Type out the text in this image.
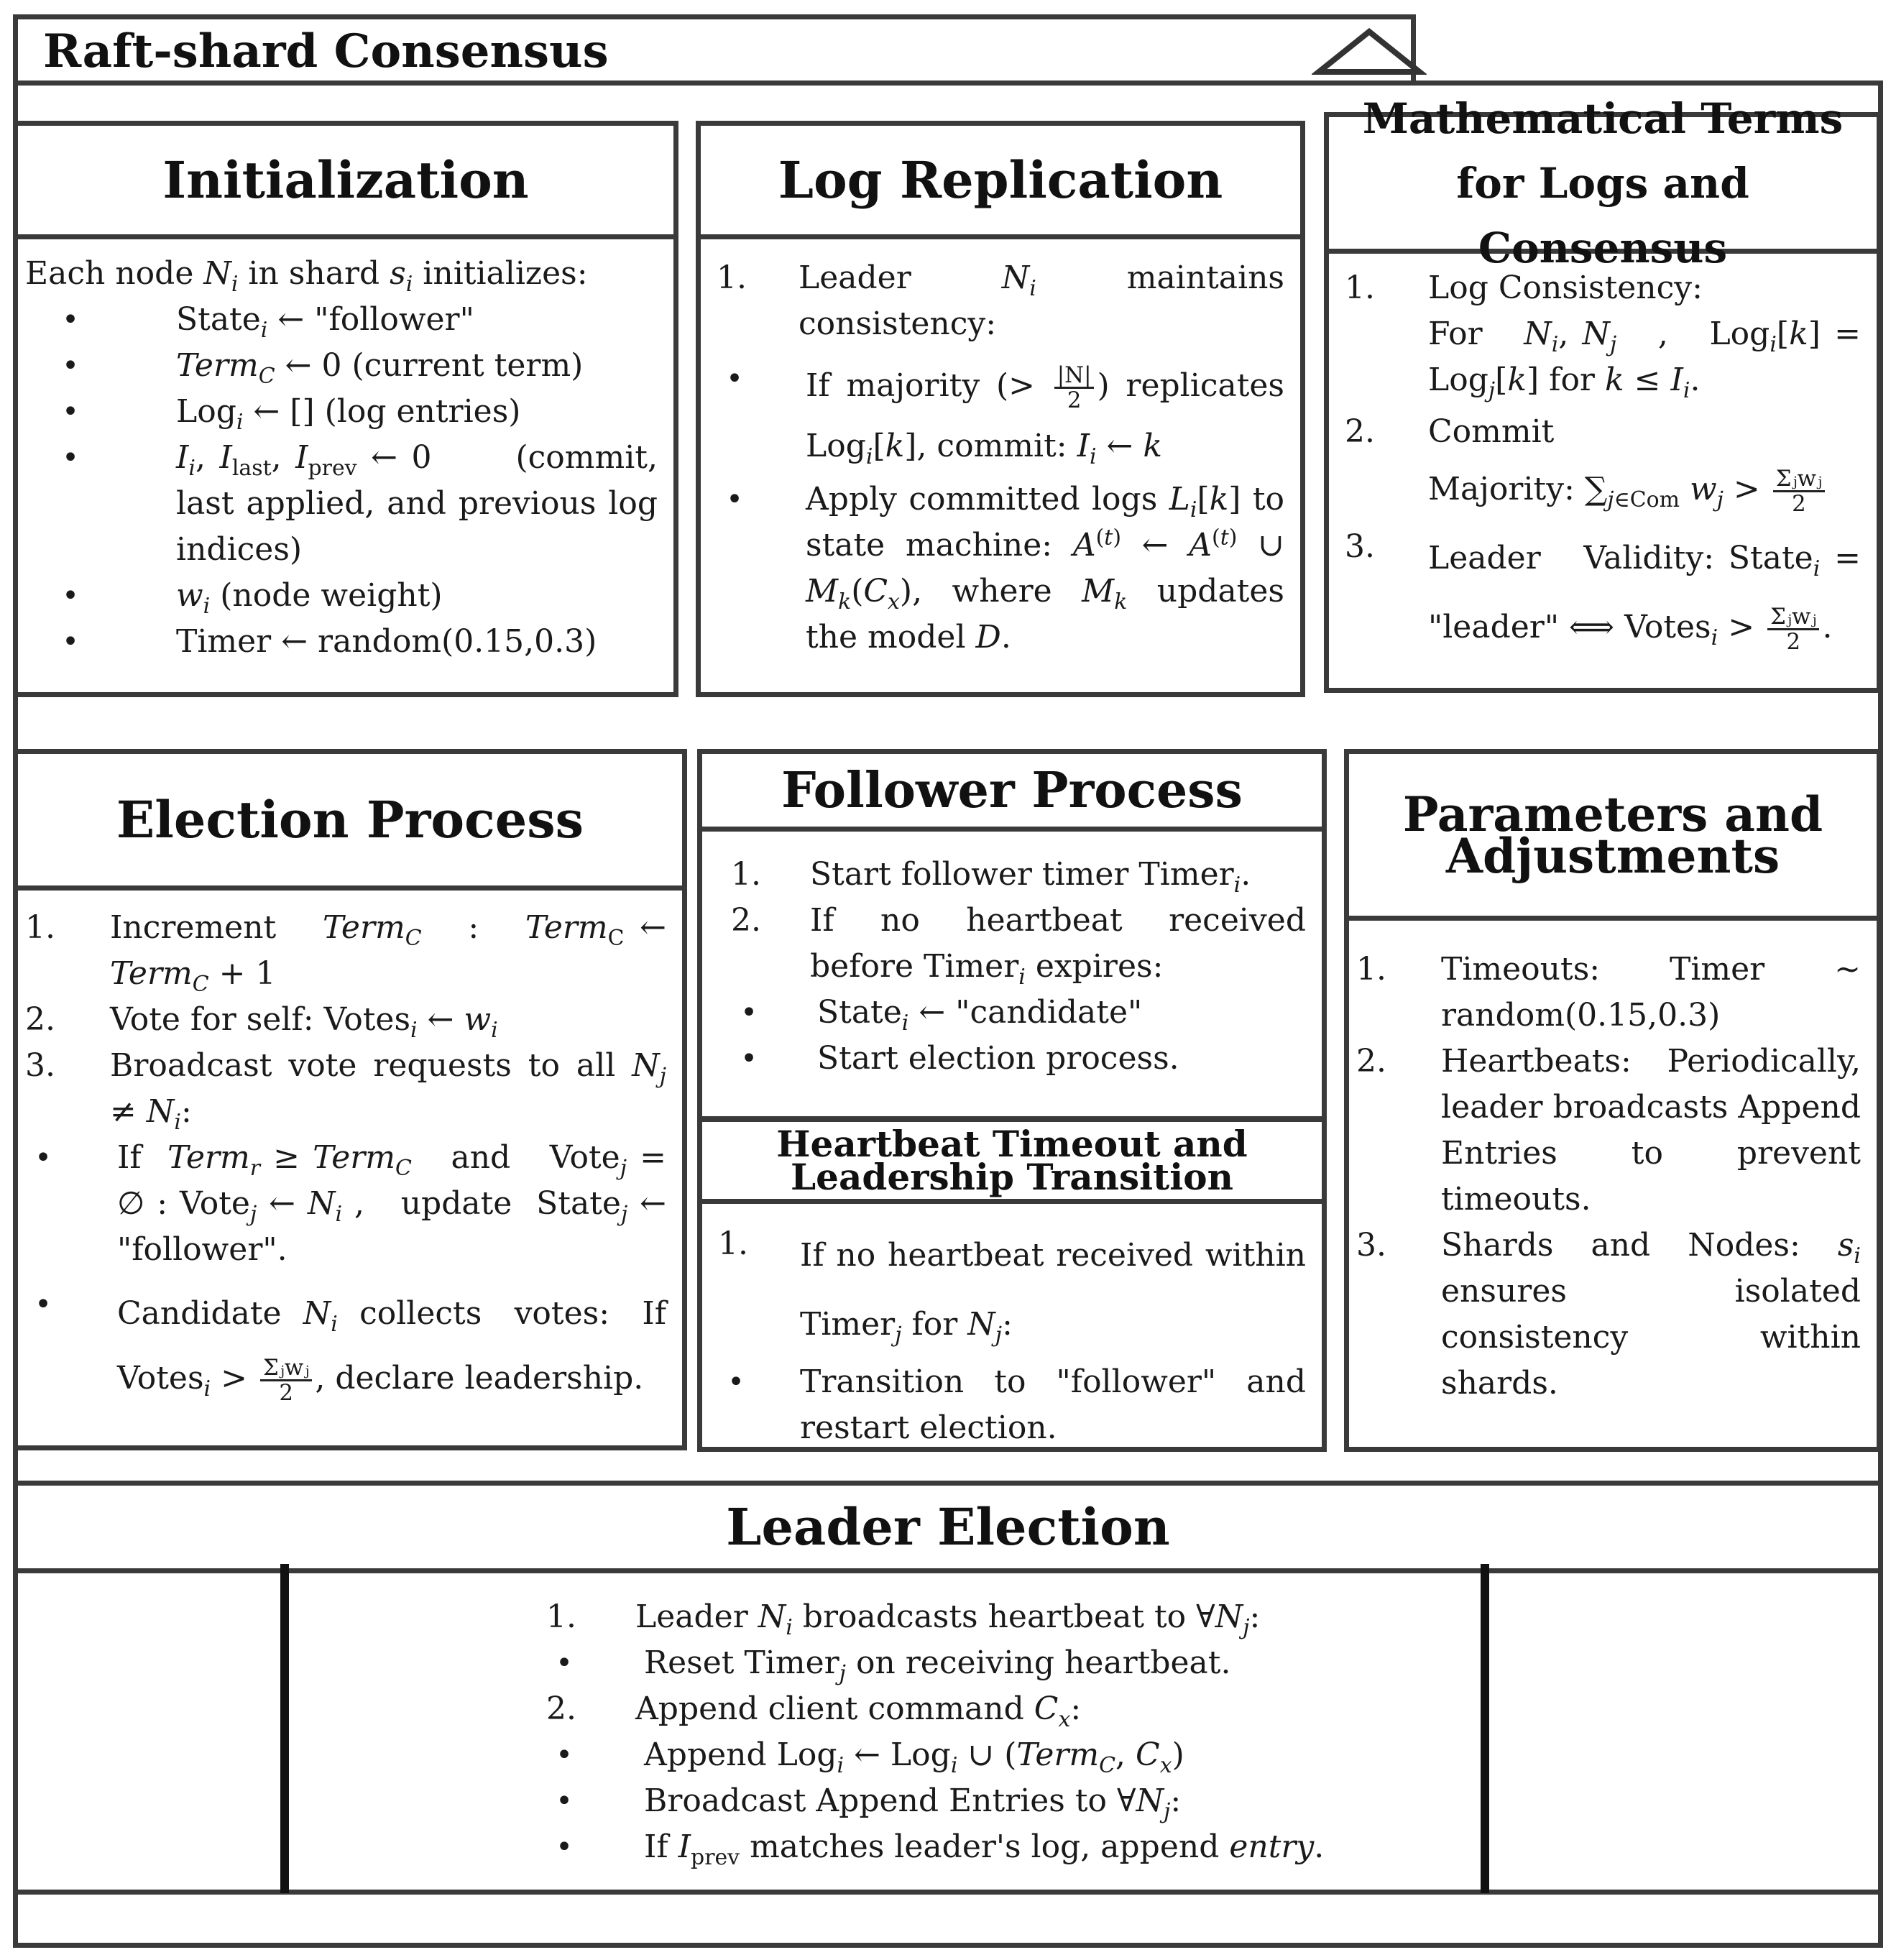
Raft-shard Consensus
Initialization
Each node $N_i$ in shard $s_i$ initializes:
•	State$_i$ ← "follower"
•	Term$_C$ ← 0 (current term)
•	Log$_i$ ← [] (log entries)
•	$I_i$, $I_{last}$, $I_{prev}$ ← 0      (commit, last applied, and previous log indices)
•	$w_i$ (node weight)
•	Timer ← random(0.15,0.3)
Log Replication
1.	Leader $N_i$ maintains consistency:
•	If majority (> $\frac{|N|}{2}$ ) replicates Log$_i$[k], commit: $I_i$ ← k
•	Apply committed logs $L_i[k]$ to state machine: $A^{(t)}$ ← $A^{(t)}$ ∪ $M_k(C_x)$, where $M_k$ updates the model D.
Mathematical Terms for Logs and Consensus
1.	Log Consistency:
For   $N_i$, $N_j$   ,   Log$_i$[k] = Log$_j$[k] for $k \le I_i$.
2.	Commit
Majority: $\sum_{j\in Com}$ $w_j > \frac{\text{Σⱼwⱼ}}{2}$
3.	Leader   Validity: State$_i$ = "leader" ⟺ Votes$_i$ > $\frac{\text{Σⱼwⱼ}}{2}$ .
Election Process
1.	Increment   Term$_C$   :   Term$_C$ ← Term$_C$ + 1
2.	Vote for self: Votes$_i$ ← $w_i$
3.	Broadcast vote requests to all $N_j \ne N_i$:
•	If  Term$_r$ ≥ Term$_C$   and   Vote$_j$ = ∅ : Vote$_j$ ← $N_i$ ,   update  State$_j$ ← "follower".
•	Candidate  $N_i$  collects   votes:   If Votes$_i$ > $\frac{\text{Σⱼwⱼ}}{2}$ , declare leadership.
Follower Process
1.	Start follower timer Timer$_i$.
2.	If  no  heartbeat  received before Timer$_i$ expires:
•	State$_i$ ← "candidate"
•	Start election process.
Heartbeat Timeout and Leadership Transition
1.	If no heartbeat received within Timer$_j$ for $N_j$:
•	Transition   to   "follower"   and restart election.
Parameters and Adjustments
1.	Timeouts: Timer ∼ random(0.15,0.3)
2.	Heartbeats: Periodically, leader broadcasts Append Entries to prevent timeouts.
3.	Shards and Nodes: $s_i$ ensures isolated consistency within shards.
Leader Election
1.	Leader $N_i$ broadcasts heartbeat to $\forall N_j$:
•	Reset Timer$_j$ on receiving heartbeat.
2.	Append client command $C_x$:
•	Append Log$_i$ ← Log$_i$ ∪ (Term$_C$, $C_x$)
•	Broadcast Append Entries to $\forall N_j$:
•	If $I_{prev}$ matches leader's log, append entry.
